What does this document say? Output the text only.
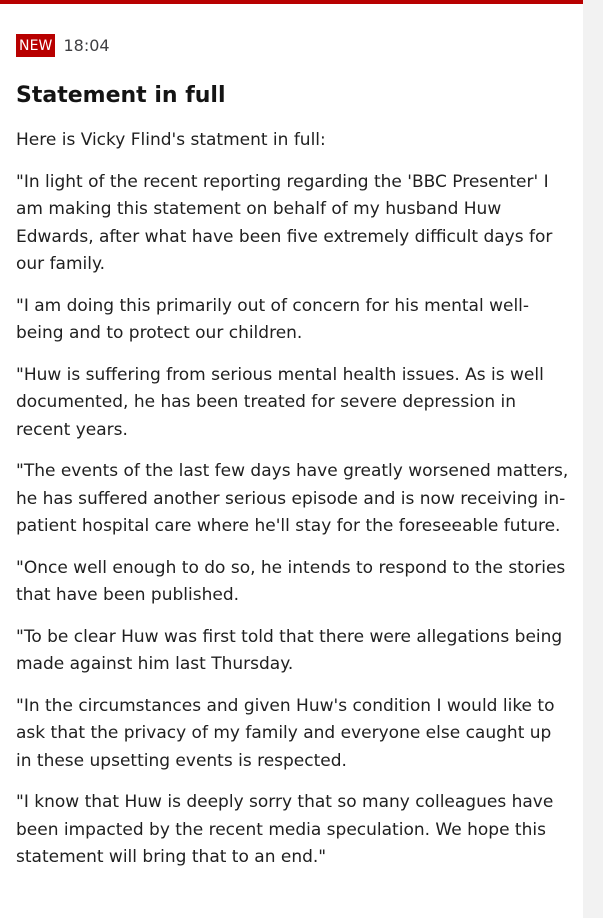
NEW 18:04
Statement in full

Here is Vicky Flind's statment in full:

"In light of the recent reporting regarding the 'BBC Presenter' I am making this statement on behalf of my husband Huw Edwards, after what have been five extremely difficult days for our family.

"I am doing this primarily out of concern for his mental well-being and to protect our children.

"Huw is suffering from serious mental health issues. As is well documented, he has been treated for severe depression in recent years.

"The events of the last few days have greatly worsened matters, he has suffered another serious episode and is now receiving in-patient hospital care where he'll stay for the foreseeable future.

"Once well enough to do so, he intends to respond to the stories that have been published.

"To be clear Huw was first told that there were allegations being made against him last Thursday.

"In the circumstances and given Huw's condition I would like to ask that the privacy of my family and everyone else caught up in these upsetting events is respected.

"I know that Huw is deeply sorry that so many colleagues have been impacted by the recent media speculation. We hope this statement will bring that to an end."
